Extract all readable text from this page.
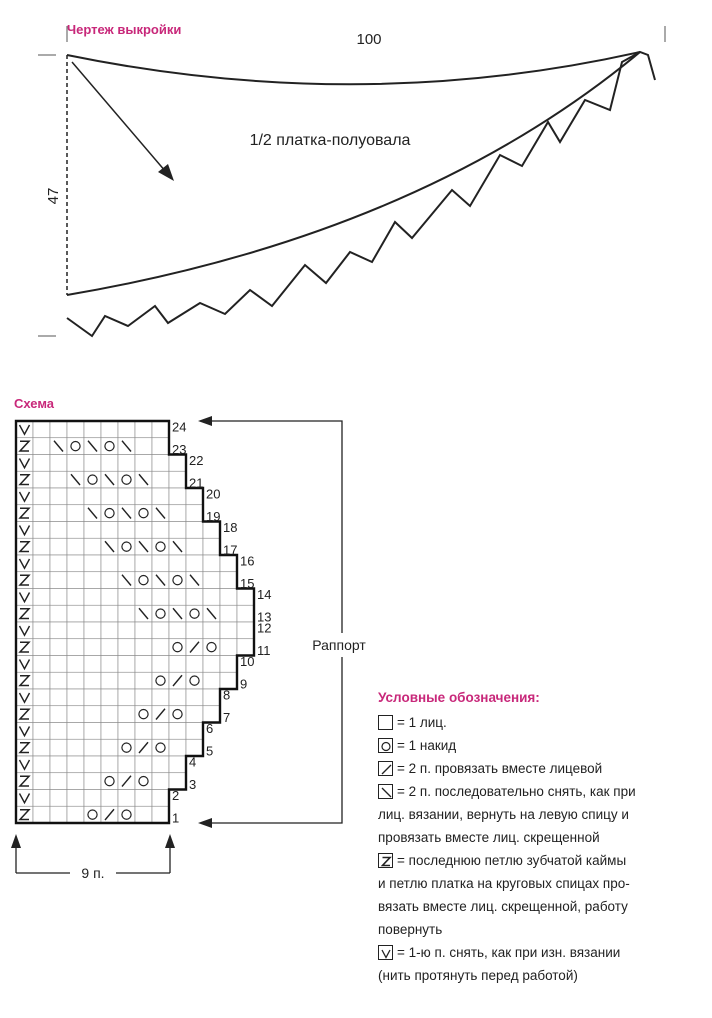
Чертеж выкройки
100
47
1/2 платка-полуовала
Схема
1
2
3
4
5
6
7
8
9
10
11
12
13
14
15
16
17
18
19
20
21
22
23
24
Раппорт
9 п.
Условные обозначения:
= 1 лиц.
= 1 накид
= 2 п. провязать вместе лицевой
= 2 п. последовательно снять, как при
лиц. вязании, вернуть на левую спицу и
провязать вместе лиц. скрещенной
= последнюю петлю зубчатой каймы
и петлю платка на круговых спицах про-
вязать вместе лиц. скрещенной, работу
повернуть
= 1-ю п. снять, как при изн. вязании
(нить протянуть перед работой)
